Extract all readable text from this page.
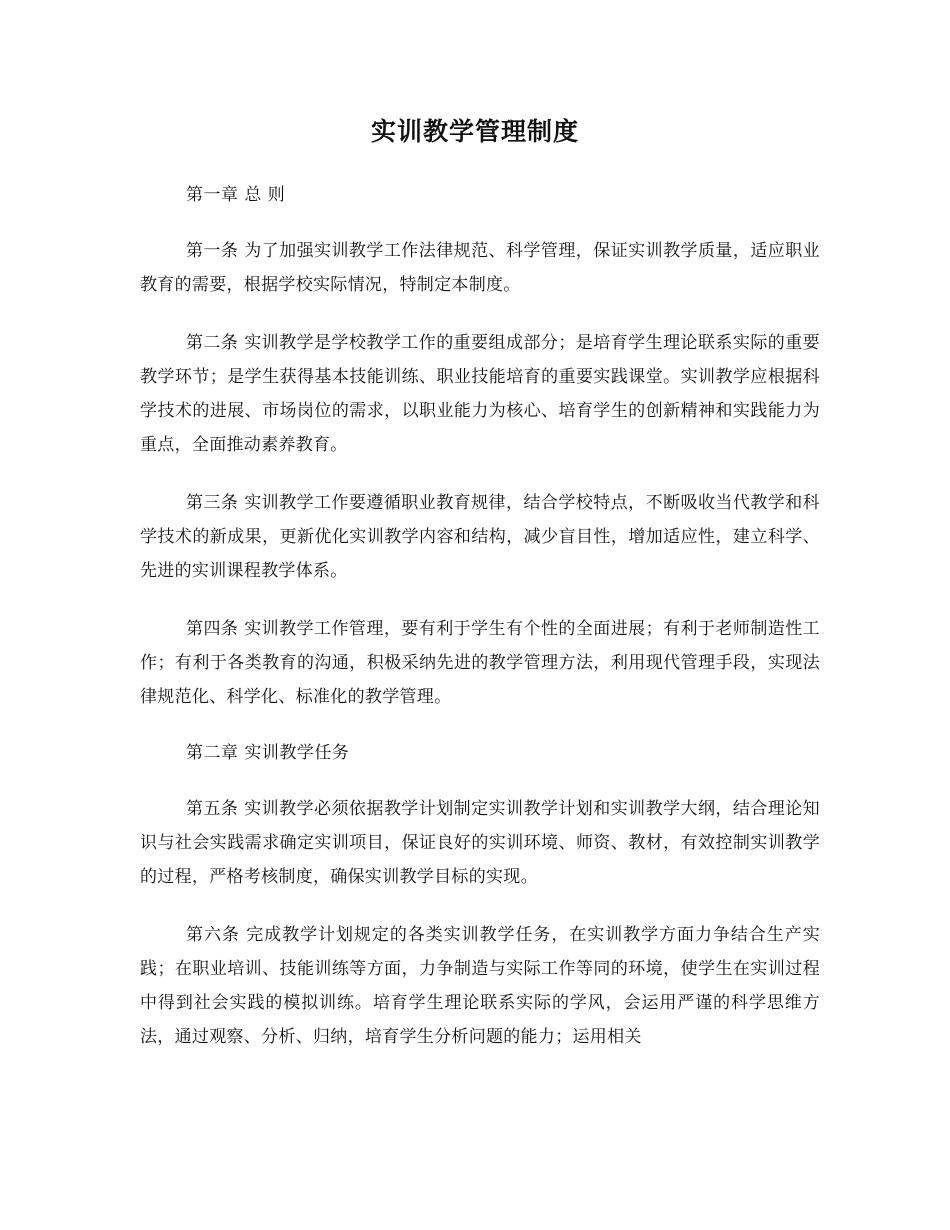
实训教学管理制度
第一章 总 则
第一条 为了加强实训教学工作法律规范、科学管理，保证实训教学质量，适应职业教育的需要，根据学校实际情况，特制定本制度。
第二条 实训教学是学校教学工作的重要组成部分；是培育学生理论联系实际的重要教学环节；是学生获得基本技能训练、职业技能培育的重要实践课堂。实训教学应根据科学技术的进展、市场岗位的需求，以职业能力为核心、培育学生的创新精神和实践能力为重点，全面推动素养教育。
第三条 实训教学工作要遵循职业教育规律，结合学校特点，不断吸收当代教学和科学技术的新成果，更新优化实训教学内容和结构，减少盲目性，增加适应性，建立科学、先进的实训课程教学体系。
第四条 实训教学工作管理，要有利于学生有个性的全面进展；有利于老师制造性工作；有利于各类教育的沟通，积极采纳先进的教学管理方法，利用现代管理手段，实现法律规范化、科学化、标准化的教学管理。
第二章 实训教学任务
第五条 实训教学必须依据教学计划制定实训教学计划和实训教学大纲，结合理论知识与社会实践需求确定实训项目，保证良好的实训环境、师资、教材，有效控制实训教学的过程，严格考核制度，确保实训教学目标的实现。
第六条 完成教学计划规定的各类实训教学任务，在实训教学方面力争结合生产实践；在职业培训、技能训练等方面，力争制造与实际工作等同的环境，使学生在实训过程中得到社会实践的模拟训练。培育学生理论联系实际的学风，会运用严谨的科学思维方法，通过观察、分析、归纳，培育学生分析问题的能力；运用相关
